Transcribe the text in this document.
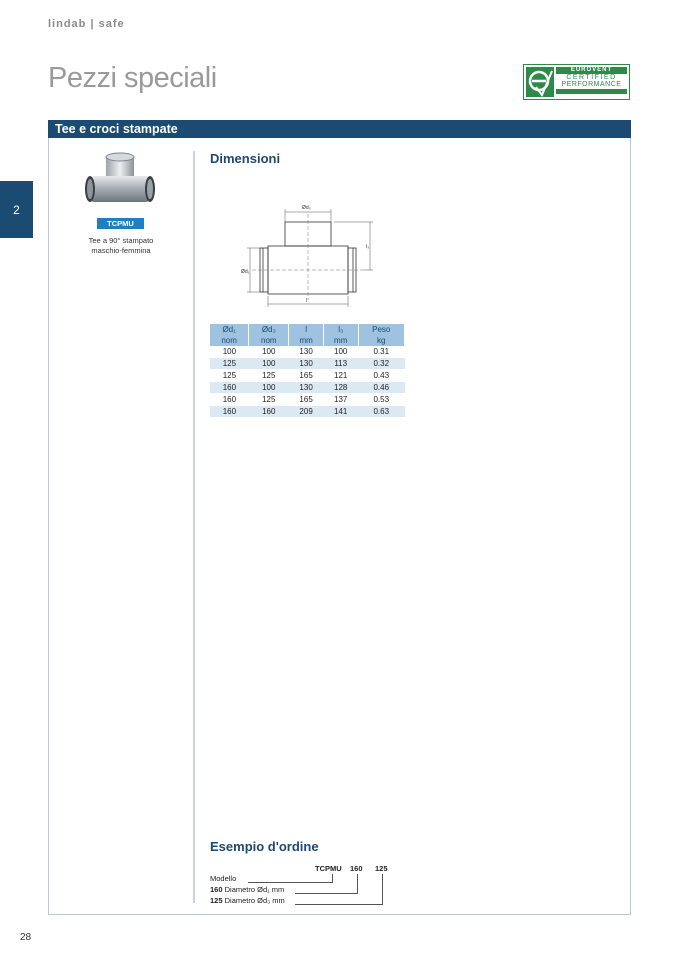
lindab | safe
Pezzi speciali	EUROVENT
CERTIFIED
PERFORMANCE
2
Tee e croci stampate
TCPMU
Tee a 90° stampato
maschio-femmina
Dimensioni
Ød₃
Ød₁
l
l₃
Ød₁	Ød₃	l	l₃	Peso
nom	nom	mm	mm	kg
100	100	130	100	0.31
125	100	130	113	0.32
125	125	165	121	0.43
160	100	130	128	0.46
160	125	165	137	0.53
160	160	209	141	0.63
Esempio d'ordine
TCPMU 160 125
Modello
160 Diametro Ød₁ mm
125 Diametro Ød₃ mm
28
